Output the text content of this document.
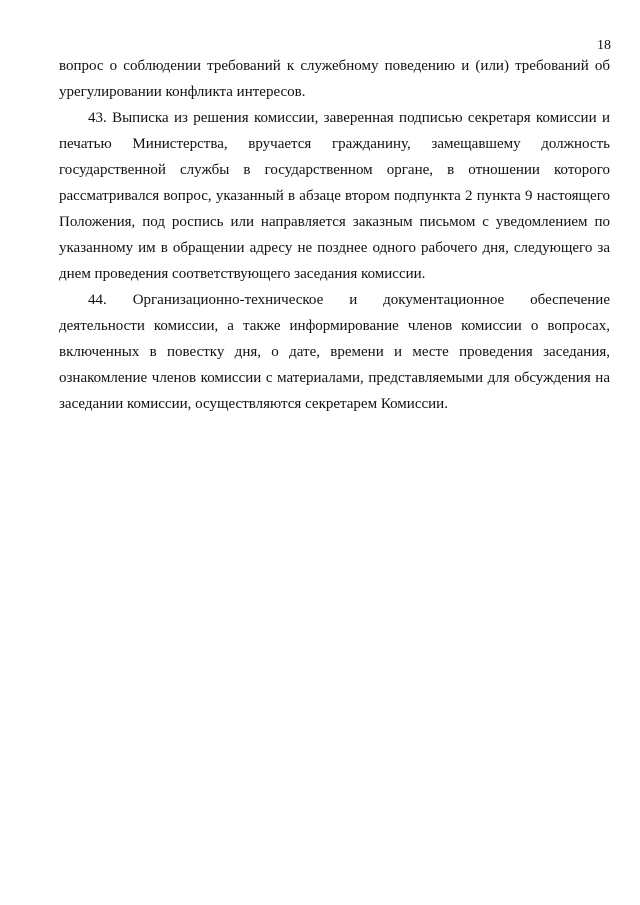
18

вопрос о соблюдении требований к служебному поведению и (или) требований об урегулировании конфликта интересов.

43. Выписка из решения комиссии, заверенная подписью секретаря комиссии и печатью Министерства, вручается гражданину, замещавшему должность государственной службы в государственном органе, в отношении которого рассматривался вопрос, указанный в абзаце втором подпункта 2 пункта 9 настоящего Положения, под роспись или направляется заказным письмом с уведомлением по указанному им в обращении адресу не позднее одного рабочего дня, следующего за днем проведения соответствующего заседания комиссии.

44. Организационно-техническое и документационное обеспечение деятельности комиссии, а также информирование членов комиссии о вопросах, включенных в повестку дня, о дате, времени и месте проведения заседания, ознакомление членов комиссии с материалами, представляемыми для обсуждения на заседании комиссии, осуществляются секретарем Комиссии.
